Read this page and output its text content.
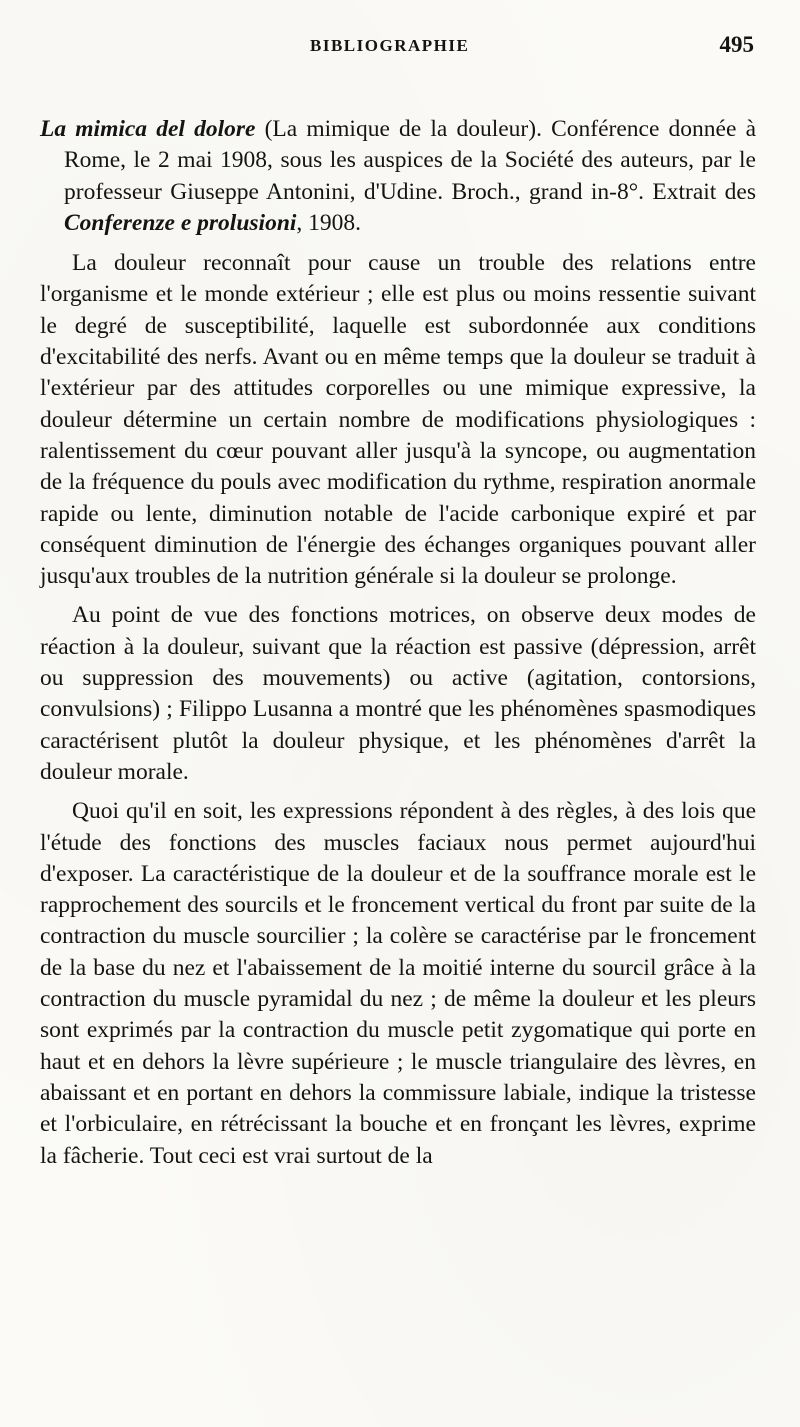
BIBLIOGRAPHIE	495

La mimica del dolore (La mimique de la douleur). Conférence donnée à Rome, le 2 mai 1908, sous les auspices de la Société des auteurs, par le professeur Giuseppe Antonini, d'Udine. Broch., grand in-8°. Extrait des Conferenze e prolusioni, 1908.

La douleur reconnaît pour cause un trouble des relations entre l'organisme et le monde extérieur ; elle est plus ou moins ressentie suivant le degré de susceptibilité, laquelle est subordonnée aux conditions d'excitabilité des nerfs. Avant ou en même temps que la douleur se traduit à l'extérieur par des attitudes corporelles ou une mimique expressive, la douleur détermine un certain nombre de modifications physiologiques : ralentissement du cœur pouvant aller jusqu'à la syncope, ou augmentation de la fréquence du pouls avec modification du rythme, respiration anormale rapide ou lente, diminution notable de l'acide carbonique expiré et par conséquent diminution de l'énergie des échanges organiques pouvant aller jusqu'aux troubles de la nutrition générale si la douleur se prolonge.

Au point de vue des fonctions motrices, on observe deux modes de réaction à la douleur, suivant que la réaction est passive (dépression, arrêt ou suppression des mouvements) ou active (agitation, contorsions, convulsions) ; Filippo Lusanna a montré que les phénomènes spasmodiques caractérisent plutôt la douleur physique, et les phénomènes d'arrêt la douleur morale.

Quoi qu'il en soit, les expressions répondent à des règles, à des lois que l'étude des fonctions des muscles faciaux nous permet aujourd'hui d'exposer. La caractéristique de la douleur et de la souffrance morale est le rapprochement des sourcils et le froncement vertical du front par suite de la contraction du muscle sourcilier ; la colère se caractérise par le froncement de la base du nez et l'abaissement de la moitié interne du sourcil grâce à la contraction du muscle pyramidal du nez ; de même la douleur et les pleurs sont exprimés par la contraction du muscle petit zygomatique qui porte en haut et en dehors la lèvre supérieure ; le muscle triangulaire des lèvres, en abaissant et en portant en dehors la commissure labiale, indique la tristesse et l'orbiculaire, en rétrécissant la bouche et en fronçant les lèvres, exprime la fâcherie. Tout ceci est vrai surtout de la
